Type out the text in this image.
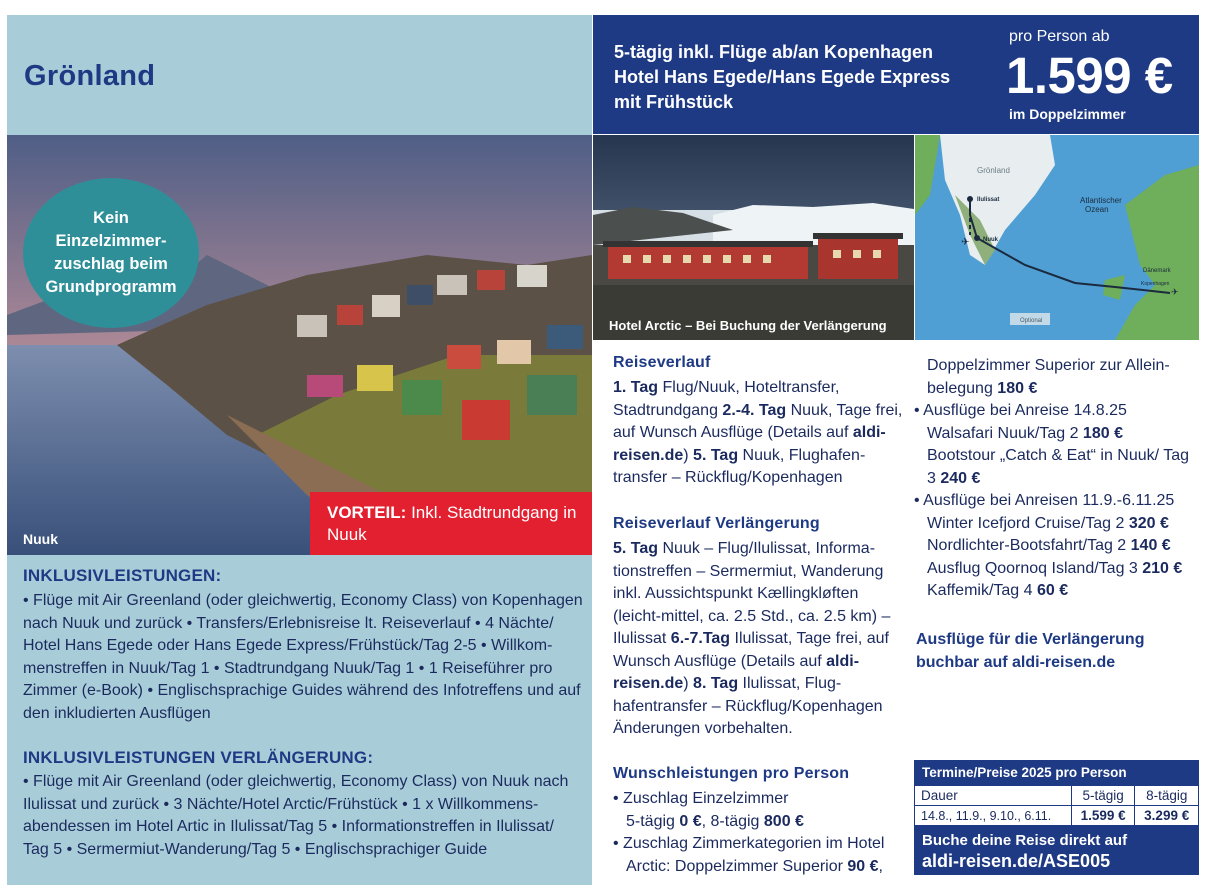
Grönland
Kein
Einzelzimmer-
zuschlag beim
Grundprogramm
Nuuk
VORTEIL: Inkl. Stadtrundgang in Nuuk
INKLUSIVLEISTUNGEN:
• Flüge mit Air Greenland (oder gleichwertig, Economy Class) von Kopenhagen nach Nuuk und zurück • Transfers/Erlebnisreise lt. Reiseverlauf • 4 Nächte/ Hotel Hans Egede oder Hans Egede Express/Frühstück/Tag 2-5 • Willkom-menstreffen in Nuuk/Tag 1 • Stadtrundgang Nuuk/Tag 1 • 1 Reiseführer pro Zimmer (e-Book) • Englischsprachige Guides während des Infotreffens und auf den inkludierten Ausflügen
INKLUSIVLEISTUNGEN VERLÄNGERUNG:
• Flüge mit Air Greenland (oder gleichwertig, Economy Class) von Nuuk nach Ilulissat und zurück • 3 Nächte/Hotel Arctic/Frühstück • 1 x Willkommens-abendessen im Hotel Artic in Ilulissat/Tag 5 • Informationstreffen in Ilulissat/ Tag 5 • Sermermiut-Wanderung/Tag 5 • Englischsprachiger Guide
5-tägig inkl. Flüge ab/an Kopenhagen
Hotel Hans Egede/Hans Egede Express
mit Frühstück
pro Person ab
1.599 €
im Doppelzimmer
Hotel Arctic – Bei Buchung der Verlängerung
Grönland
Ilulissat
Nuuk
Atlantischer Ozean
Dänemark
Kopenhagen
✈
✈
Optional
Reiseverlauf
1. Tag Flug/Nuuk, Hoteltransfer, Stadtrundgang 2.-4. Tag Nuuk, Tage frei, auf Wunsch Ausflüge (Details auf aldi-reisen.de) 5. Tag Nuuk, Flughafen-transfer – Rückflug/Kopenhagen
Reiseverlauf Verlängerung
5. Tag Nuuk – Flug/Ilulissat, Informa-tionstreffen – Sermermiut, Wanderung inkl. Aussichtspunkt Kællingkløften (leicht-mittel, ca. 2.5 Std., ca. 2.5 km) – Ilulissat 6.-7.Tag Ilulissat, Tage frei, auf Wunsch Ausflüge (Details auf aldi-reisen.de) 8. Tag Ilulissat, Flug-hafentransfer – Rückflug/Kopenhagen Änderungen vorbehalten.
Wunschleistungen pro Person
• Zuschlag Einzelzimmer
5-tägig 0 €, 8-tägig 800 €
• Zuschlag Zimmerkategorien im Hotel
Arctic: Doppelzimmer Superior 90 €,
Doppelzimmer Superior zur Allein-belegung 180 €
• Ausflüge bei Anreise 14.8.25
Walsafari Nuuk/Tag 2 180 €
Bootstour „Catch & Eat“ in Nuuk/ Tag 3 240 €
• Ausflüge bei Anreisen 11.9.-6.11.25
Winter Icefjord Cruise/Tag 2 320 €
Nordlichter-Bootsfahrt/Tag 2 140 €
Ausflug Qoornoq Island/Tag 3 210 €
Kaffemik/Tag 4 60 €
Ausflüge für die Verlängerung buchbar auf aldi-reisen.de
Termine/Preise 2025 pro Person
Dauer	5-tägig	8-tägig
14.8., 11.9., 9.10., 6.11.	1.599 €	3.299 €
Buche deine Reise direkt auf
aldi-reisen.de/ASE005
